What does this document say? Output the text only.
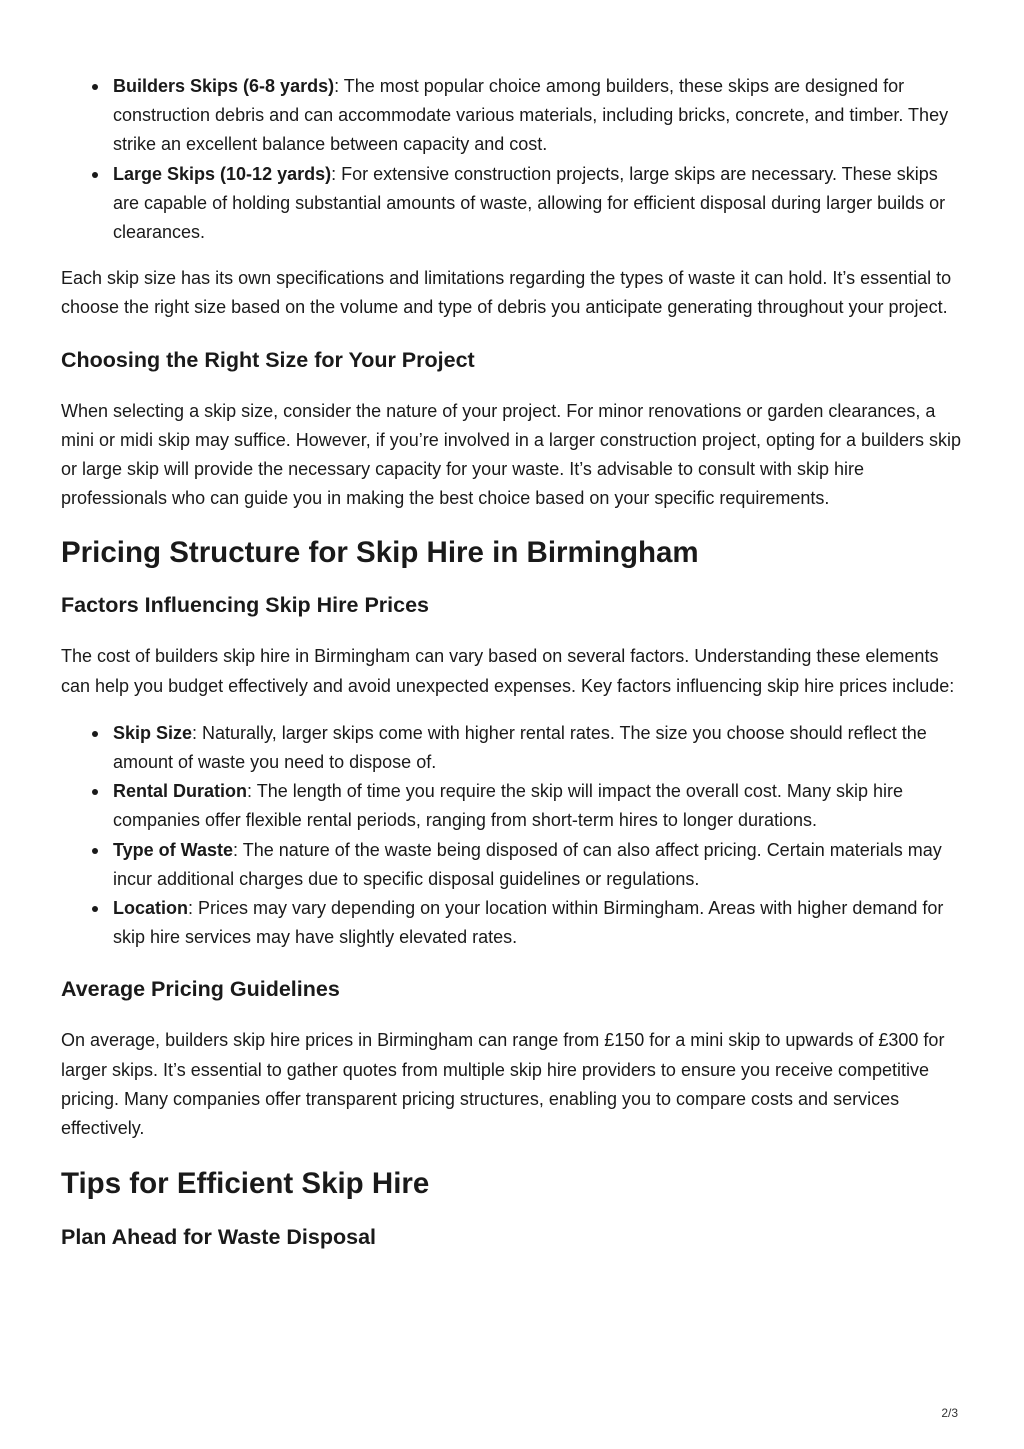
Builders Skips (6-8 yards): The most popular choice among builders, these skips are designed for construction debris and can accommodate various materials, including bricks, concrete, and timber. They strike an excellent balance between capacity and cost.
Large Skips (10-12 yards): For extensive construction projects, large skips are necessary. These skips are capable of holding substantial amounts of waste, allowing for efficient disposal during larger builds or clearances.

Each skip size has its own specifications and limitations regarding the types of waste it can hold. It’s essential to choose the right size based on the volume and type of debris you anticipate generating throughout your project.

Choosing the Right Size for Your Project

When selecting a skip size, consider the nature of your project. For minor renovations or garden clearances, a mini or midi skip may suffice. However, if you’re involved in a larger construction project, opting for a builders skip or large skip will provide the necessary capacity for your waste. It’s advisable to consult with skip hire professionals who can guide you in making the best choice based on your specific requirements.

Pricing Structure for Skip Hire in Birmingham
Factors Influencing Skip Hire Prices

The cost of builders skip hire in Birmingham can vary based on several factors. Understanding these elements can help you budget effectively and avoid unexpected expenses. Key factors influencing skip hire prices include:

Skip Size: Naturally, larger skips come with higher rental rates. The size you choose should reflect the amount of waste you need to dispose of.
Rental Duration: The length of time you require the skip will impact the overall cost. Many skip hire companies offer flexible rental periods, ranging from short-term hires to longer durations.
Type of Waste: The nature of the waste being disposed of can also affect pricing. Certain materials may incur additional charges due to specific disposal guidelines or regulations.
Location: Prices may vary depending on your location within Birmingham. Areas with higher demand for skip hire services may have slightly elevated rates.
Average Pricing Guidelines

On average, builders skip hire prices in Birmingham can range from £150 for a mini skip to upwards of £300 for larger skips. It’s essential to gather quotes from multiple skip hire providers to ensure you receive competitive pricing. Many companies offer transparent pricing structures, enabling you to compare costs and services effectively.

Tips for Efficient Skip Hire
Plan Ahead for Waste Disposal
2/3
